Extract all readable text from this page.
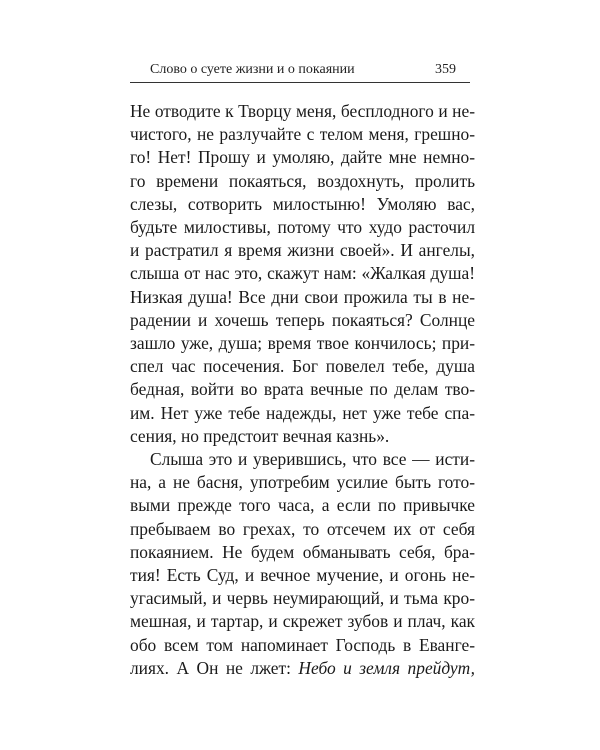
Слово о суете жизни и о покаянии	359
Не отводите к Творцу меня, бесплодного и не-
чистого, не разлучайте с телом меня, грешно-
го! Нет! Прошу и умоляю, дайте мне немно-
го времени покаяться, воздохнуть, пролить
слезы, сотворить милостыню! Умоляю вас,
будьте милостивы, потому что худо расточил
и растратил я время жизни своей». И ангелы,
слыша от нас это, скажут нам: «Жалкая душа!
Низкая душа! Все дни свои прожила ты в не-
радении и хочешь теперь покаяться? Солнце
зашло уже, душа; время твое кончилось; при-
спел час посечения. Бог повелел тебе, душа
бедная, войти во врата вечные по делам тво-
им. Нет уже тебе надежды, нет уже тебе спа-
сения, но предстоит вечная казнь».
Слыша это и уверившись, что все — исти-
на, а не басня, употребим усилие быть гото-
выми прежде того часа, а если по привычке
пребываем во грехах, то отсечем их от себя
покаянием. Не будем обманывать себя, бра-
тия! Есть Суд, и вечное мучение, и огонь не-
угасимый, и червь неумирающий, и тьма кро-
мешная, и тартар, и скрежет зубов и плач, как
обо всем том напоминает Господь в Еванге-
лиях. А Он не лжет: Небо и земля прейдут,
